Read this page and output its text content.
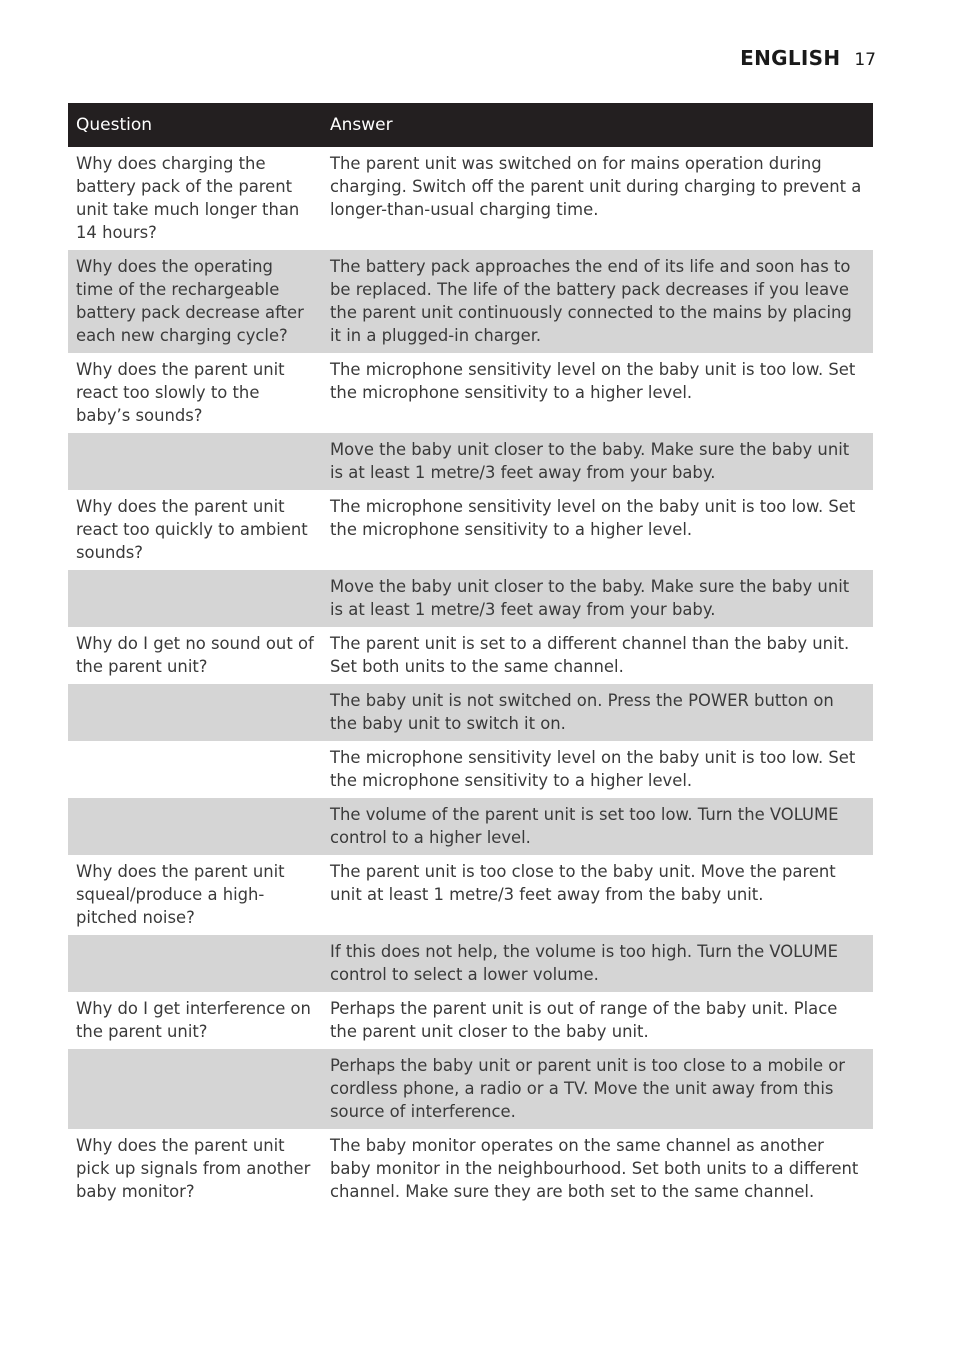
ENGLISH 17
Question	Answer
Why does charging the battery pack of the parent unit take much longer than 14 hours?	The parent unit was switched on for mains operation during charging. Switch off the parent unit during charging to prevent a longer-than-usual charging time.
Why does the operating time of the rechargeable battery pack decrease after each new charging cycle?	The battery pack approaches the end of its life and soon has to be replaced. The life of the battery pack decreases if you leave the parent unit continuously connected to the mains by placing it in a plugged-in charger.
Why does the parent unit react too slowly to the baby’s sounds?	The microphone sensitivity level on the baby unit is too low. Set the microphone sensitivity to a higher level.
	Move the baby unit closer to the baby. Make sure the baby unit is at least 1 metre/3 feet away from your baby.
Why does the parent unit react too quickly to ambient sounds?	The microphone sensitivity level on the baby unit is too low. Set the microphone sensitivity to a higher level.
	Move the baby unit closer to the baby. Make sure the baby unit is at least 1 metre/3 feet away from your baby.
Why do I get no sound out of the parent unit?	The parent unit is set to a different channel than the baby unit. Set both units to the same channel.
	The baby unit is not switched on. Press the POWER button on the baby unit to switch it on.
	The microphone sensitivity level on the baby unit is too low. Set the microphone sensitivity to a higher level.
	The volume of the parent unit is set too low. Turn the VOLUME control to a higher level.
Why does the parent unit squeal/produce a high-pitched noise?	The parent unit is too close to the baby unit. Move the parent unit at least 1 metre/3 feet away from the baby unit.
	If this does not help, the volume is too high. Turn the VOLUME control to select a lower volume.
Why do I get interference on the parent unit?	Perhaps the parent unit is out of range of the baby unit. Place the parent unit closer to the baby unit.
	Perhaps the baby unit or parent unit is too close to a mobile or cordless phone, a radio or a TV. Move the unit away from this source of interference.
Why does the parent unit pick up signals from another baby monitor?	The baby monitor operates on the same channel as another baby monitor in the neighbourhood. Set both units to a different channel. Make sure they are both set to the same channel.
